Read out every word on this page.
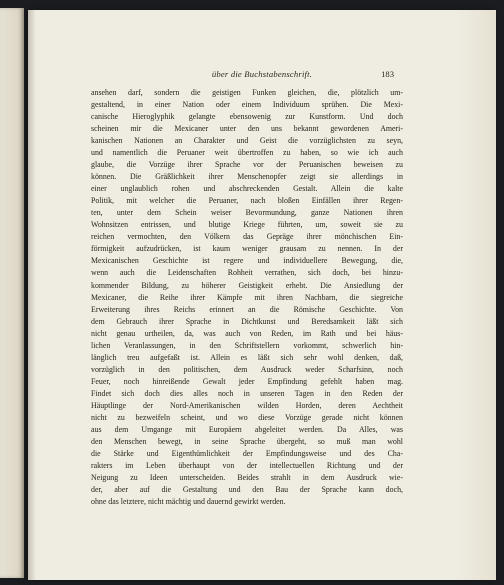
über die Buchstabenschrift.	183
ansehen darf, sondern die geistigen Funken gleichen, die, plötzlich um-
gestaltend, in einer Nation oder einem Individuum sprühen. Die Mexi-
canische Hieroglyphik gelangte ebensowenig zur Kunstform. Und doch
scheinen mir die Mexicaner unter den uns bekannt gewordenen Ameri-
kanischen Nationen an Charakter und Geist die vorzüglichsten zu seyn,
und namentlich die Peruaner weit übertroffen zu haben, so wie ich auch
glaube, die Vorzüge ihrer Sprache vor der Peruanischen beweisen zu
können. Die Gräßlichkeit ihrer Menschenopfer zeigt sie allerdings in
einer unglaublich rohen und abschreckenden Gestalt. Allein die kalte
Politik, mit welcher die Peruaner, nach bloßen Einfällen ihrer Regen-
ten, unter dem Schein weiser Bevormundung, ganze Nationen ihren
Wohnsitzen entrissen, und blutige Kriege führten, um, soweit sie zu
reichen vermochten, den Völkern das Gepräge ihrer mönchischen Ein-
förmigkeit aufzudrücken, ist kaum weniger grausam zu nennen. In der
Mexicanischen Geschichte ist regere und individuellere Bewegung, die,
wenn auch die Leidenschaften Rohheit verrathen, sich doch, bei hinzu-
kommender Bildung, zu höherer Geistigkeit erhebt. Die Ansiedlung der
Mexicaner, die Reihe ihrer Kämpfe mit ihren Nachbarn, die siegreiche
Erweiterung ihres Reichs erinnert an die Römische Geschichte. Von
dem Gebrauch ihrer Sprache in Dichtkunst und Beredsamkeit läßt sich
nicht genau urtheilen, da, was auch von Reden, im Rath und bei häus-
lichen Veranlassungen, in den Schriftstellern vorkommt, schwerlich hin-
länglich treu aufgefaßt ist. Allein es läßt sich sehr wohl denken, daß,
vorzüglich in den politischen, dem Ausdruck weder Scharfsinn, noch
Feuer, noch hinreißende Gewalt jeder Empfindung gefehlt haben mag.
Findet sich doch dies alles noch in unseren Tagen in den Reden der
Häuptlinge der Nord-Amerikanischen wilden Horden, deren Aechtheit
nicht zu bezweifeln scheint, und wo diese Vorzüge gerade nicht können
aus dem Umgange mit Europäern abgeleitet werden. Da Alles, was
den Menschen bewegt, in seine Sprache übergeht, so muß man wohl
die Stärke und Eigenthümlichkeit der Empfindungsweise und des Cha-
rakters im Leben überhaupt von der intellectuellen Richtung und der
Neigung zu Ideen unterscheiden. Beides strahlt in dem Ausdruck wie-
der, aber auf die Gestaltung und den Bau der Sprache kann doch,
ohne das letztere, nicht mächtig und dauernd gewirkt werden.
